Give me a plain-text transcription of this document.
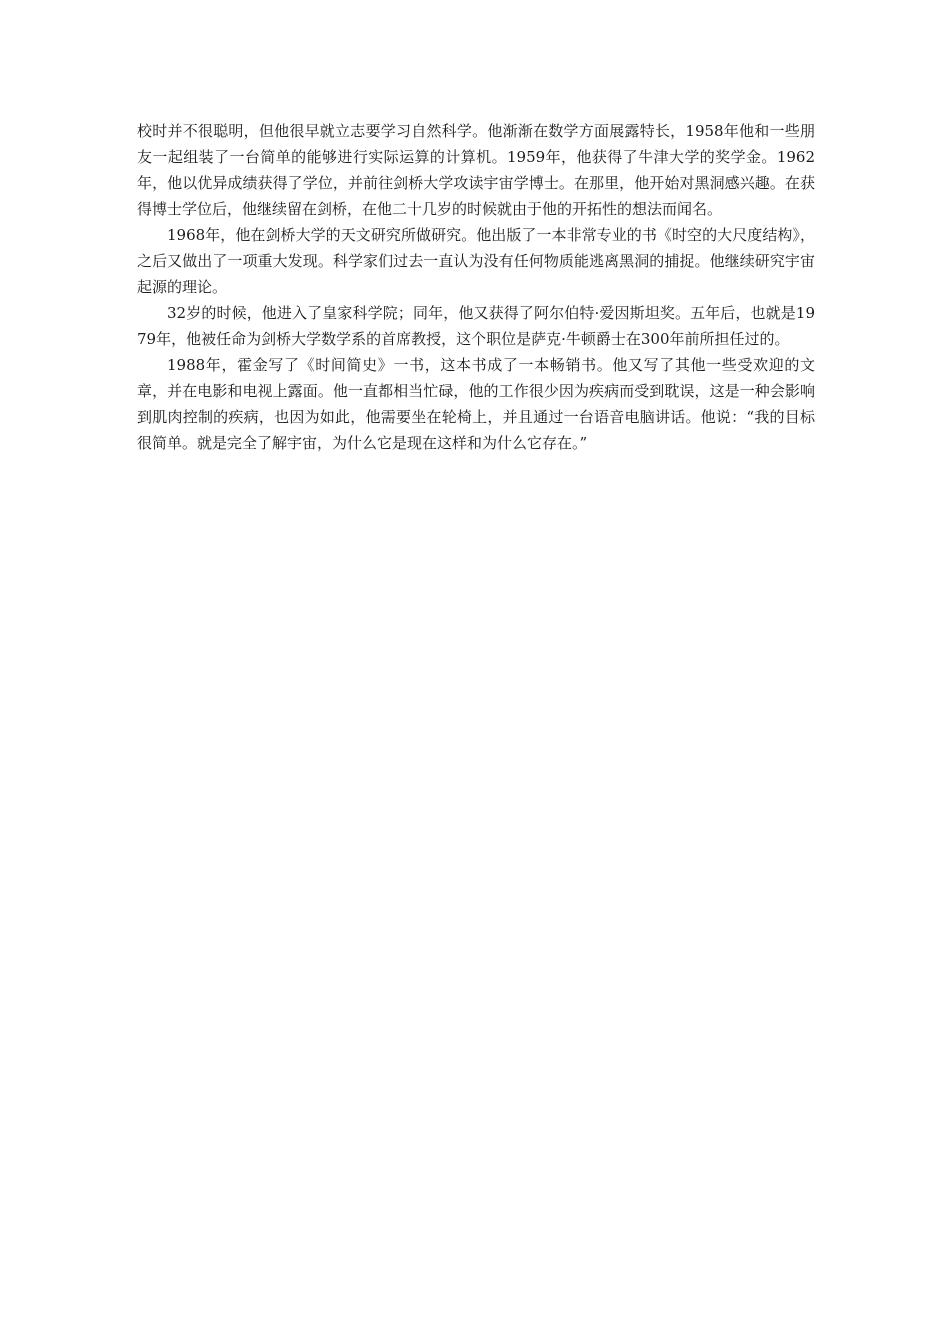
校时并不很聪明，但他很早就立志要学习自然科学。他渐渐在数学方面展露特长，1958年他和一些朋友一起组装了一台简单的能够进行实际运算的计算机。1959年，他获得了牛津大学的奖学金。1962年，他以优异成绩获得了学位，并前往剑桥大学攻读宇宙学博士。在那里，他开始对黑洞感兴趣。在获得博士学位后，他继续留在剑桥，在他二十几岁的时候就由于他的开拓性的想法而闻名。

1968年，他在剑桥大学的天文研究所做研究。他出版了一本非常专业的书《时空的大尺度结构》，之后又做出了一项重大发现。科学家们过去一直认为没有任何物质能逃离黑洞的捕捉。他继续研究宇宙起源的理论。

32岁的时候，他进入了皇家科学院；同年，他又获得了阿尔伯特·爱因斯坦奖。五年后，也就是1979年，他被任命为剑桥大学数学系的首席教授，这个职位是萨克·牛顿爵士在300年前所担任过的。

1988年，霍金写了《时间简史》一书，这本书成了一本畅销书。他又写了其他一些受欢迎的文章，并在电影和电视上露面。他一直都相当忙碌，他的工作很少因为疾病而受到耽误，这是一种会影响到肌肉控制的疾病，也因为如此，他需要坐在轮椅上，并且通过一台语音电脑讲话。他说：“我的目标很简单。就是完全了解宇宙，为什么它是现在这样和为什么它存在。”
